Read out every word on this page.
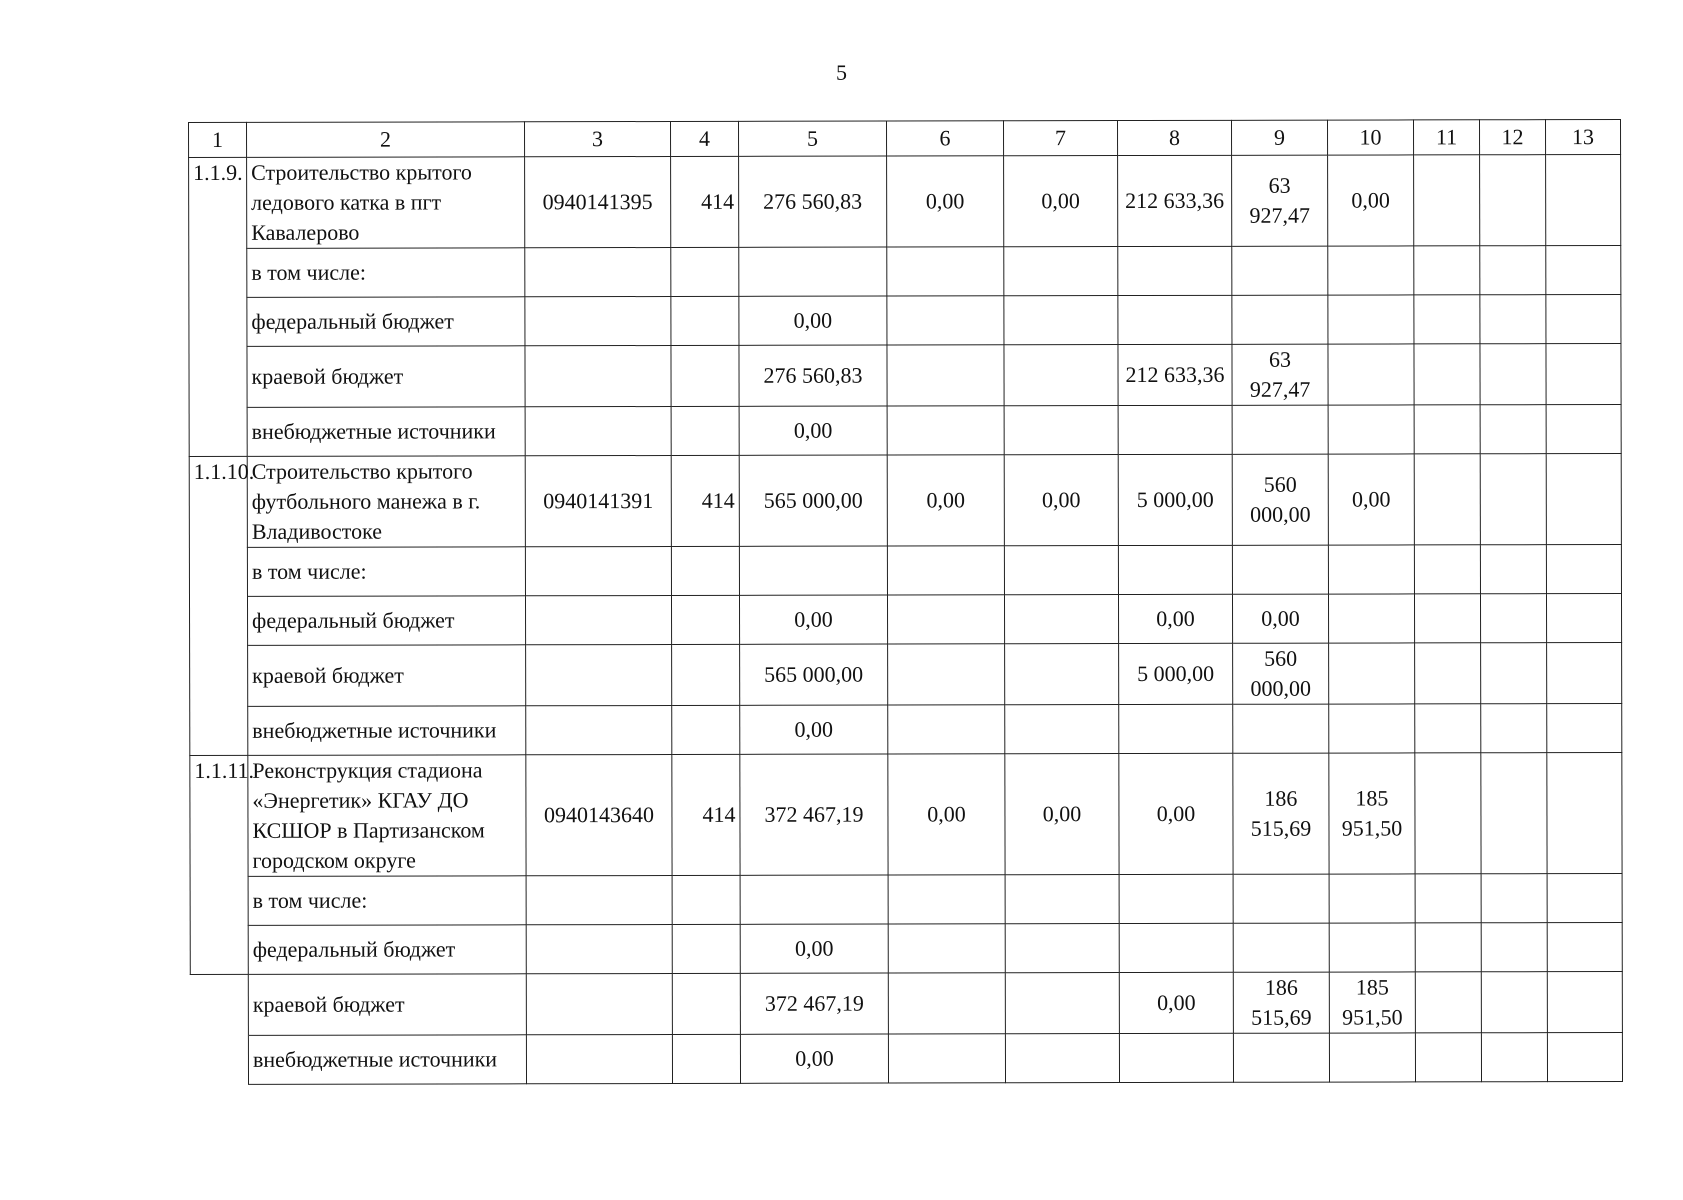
5
1	2	3	4	5	6	7	8	9	10	11	12	13
1.1.9.	Строительство крытого ледового катка в пгт Кавалерово	0940141395	414	276 560,83	0,00	0,00	212 633,36	63 927,47	0,00			
	в том числе:											
	федеральный бюджет			0,00								
	краевой бюджет			276 560,83			212 633,36	63 927,47				
	внебюджетные источники			0,00								
1.1.10.	Строительство крытого футбольного манежа в г. Владивостоке	0940141391	414	565 000,00	0,00	0,00	5 000,00	560 000,00	0,00			
	в том числе:											
	федеральный бюджет			0,00			0,00	0,00				
	краевой бюджет			565 000,00			5 000,00	560 000,00				
	внебюджетные источники			0,00								
1.1.11.	Реконструкция стадиона «Энергетик» КГАУ ДО КСШОР в Партизанском городском округе	0940143640	414	372 467,19	0,00	0,00	0,00	186 515,69	185 951,50			
	в том числе:											
	федеральный бюджет			0,00								
	краевой бюджет			372 467,19			0,00	186 515,69	185 951,50			
	внебюджетные источники			0,00								
